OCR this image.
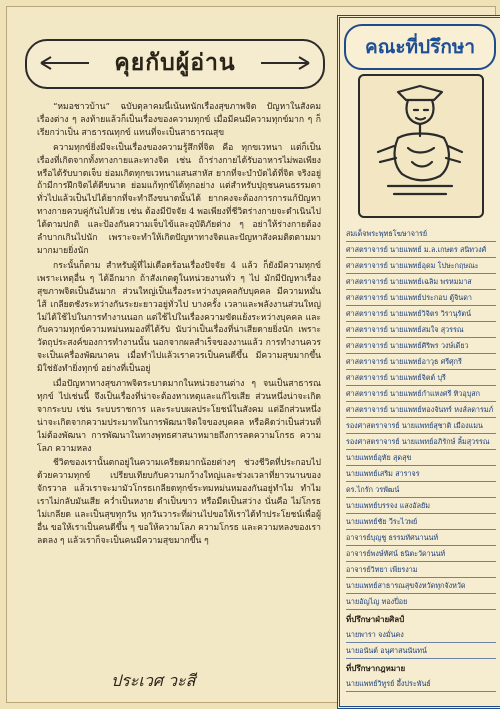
คุยกับผู้อ่าน

“หมอชาวบ้าน” ฉบับตุลาคมนี้เน้นหนักเรื่องสุขภาพจิต ปัญหาในสังคมเรื่องต่าง ๆ ลงท้ายแล้วก็เป็นเรื่องของความทุกข์ เมื่อมีคนมีความทุกข์มาก ๆ ก็เรียกว่าเป็น สาธารณทุกข์ แทนที่จะเป็นสาธารณสุข

ความทุกข์ยิ่งมีจะเป็นเรื่องของความรู้สึกที่จิต คือ ทุกขเวทนา แต่ก็เป็นเรื่องที่เกิดจากทั้งทางกายและทางจิต เช่น ถ้าร่างกายได้รับอาหารไม่พอเพียง หรือได้รับบาดเจ็บ ย่อมเกิดทุกขเวทนาแสนสาหัส ยากที่จะบำบัดได้ที่จิต จริงอยู่ ถ้ามีการฝึกจิตได้ดีขนาด ย่อมแก้ทุกข์ได้ทุกอย่าง แต่สำหรับปุถุชนคนธรรมดาทั่วไปแล้วเป็นไปได้ยากที่จะทำถึงขนาดนั้นได้ ยากคงจะต้องการการแก้ปัญหาทางกายควบคู่กันไปด้วย เช่น ต้องมีปัจจัย 4 พอเพียงที่ชีวิตร่างกายจะดำเนินไปได้ตามปกติ และป้องกันความเจ็บไข้และอุบัติภัยต่าง ๆ อย่าให้ร่างกายต้องลำบากเกินไปนัก เพราะจะทำให้เกิดปัญหาทางจิตและปัญหาสังคมติดตามมามากมายยิ่งนัก

กระนั้นก็ตาม สำหรับผู้ที่ไม่เดือดร้อนเรื่องปัจจัย 4 แล้ว ก็ยังมีความทุกข์เพราะเหตุอื่น ๆ ได้อีกมาก ถ้าสังเกตดูในหน่วยงานทั่ว ๆ ไป มักมีปัญหาเรื่องสุขภาพจิตเป็นอันมาก ส่วนใหญ่เป็นเรื่องระหว่างบุคคลกับบุคคล มีความหมั่นไส้ เกลียดชังระหว่างกันระยะยาวอยู่ทั่วไป บางครั้ง เวลาและพลังงานส่วนใหญ่ไม่ได้ใช้ไปในการทำงานนอก แต่ใช้ไปในเรื่องความขัดแย้งระหว่างบุคคล และกับความทุกข์ความหม่นหมองที่ได้รับ นับว่าเป็นเรื่องที่น่าเสียดายยิ่งนัก เพราะ วัตถุประสงค์ของการทำงานนั้น นอกจากผลสำเร็จของงานแล้ว การทำงานควรจะเป็นเครื่องพัฒนาคน เมื่อทำไปแล้วเราควรเป็นคนดีขึ้น มีความสุขมากขึ้น มิใช่ยังทำยิ่งทุกข์ อย่างที่เป็นอยู่

เมื่อปัญหาทางสุขภาพจิตระบาดมากในหน่วยงานต่าง ๆ จนเป็นสาธารณทุกข์ ไปเช่นนี้ จึงเป็นเรื่องที่น่าจะต้องหาเหตุและแก้ไขเสีย ส่วนหนึ่งน่าจะเกิดจากระบบ เช่น ระบบราชการ และระบบผลประโยชน์ในสังคม แต่อีกส่วนหนึ่งน่าจะเกิดจากความประมาทในการพัฒนาจิตใจของบุคคล หรือคิดว่าเป็นส่วนที่ไม่ต้องพัฒนา การพัฒนาในทางพุทธศาสนาหมายถึงการลดความโกรธ ความโลภ ความหลง

ชีวิตของเรานั้นตกอยู่ในความเครียดมากน้อยต่างๆ ช่วงชีวิตที่ประกอบไปด้วยความทุกข์ เปรียบเทียบกับความกว้างใหญ่และช่วงเวลาที่ยาวนานของจักรวาล แล้วเราจะมามัวโกรธเกลียดทุกข์ระทมหม่นหมองกันอยู่ทำไม ทำไมเราไม่กลับมันเสีย คว่ำเป็นหงาย ดำเป็นขาว หรือมืดเป็นสว่าง นั่นคือ ไม่โกรธ ไม่เกลียด และเป็นสุขทุกวัน ทุกวันวาระที่ผ่านไปขอให้เราได้ทำประโยชน์เพื่อผู้อื่น ขอให้เราเป็นคนดีขึ้น ๆ ขอให้ความโลภ ความโกรธ และความหลงของเราลดลง ๆ แล้วเราก็จะเป็นคนมีความสุขมากขึ้น ๆ

ประเวศ วะสี
คณะที่ปรึกษา
สมเด็จพระพุทธโฆษาจารย์
ศาสตราจารย์ นายแพทย์ ม.ล.เกษตร สนิทวงศ์
ศาสตราจารย์ นายแพทย์อุดม โปษะกฤษณะ
ศาสตราจารย์ นายแพทย์เฉลิม พรหมมาส
ศาสตราจารย์ นายแพทย์ประกอบ ตู้จินดา
ศาสตราจารย์ นายแพทย์วิจิตร วิรานุรัตน์
ศาสตราจารย์ นายแพทย์สมใจ สุวรรณ
ศาสตราจารย์ นายแพทย์ศิริพร วงษ์เดียว
ศาสตราจารย์ นายแพทย์อาวุธ ศรีศุกรี
ศาสตราจารย์ นายแพทย์จิตต์ บุรี
ศาสตราจารย์ นายแพทย์กำแหงศรี ทิวอุบุสก
ศาสตราจารย์ นายแพทย์ทองจันทร์ หงส์ลดารมภ์
รองศาสตราจารย์ นายแพทย์สุชาติ เมืองแมน
รองศาสตราจารย์ นายแพทย์อภิรักษ์ ลิ้มสุวรรณ
นายแพทย์อุทัย สุดสุข
นายแพทย์เสริม สาราจร
ดร.ไกรัก วรพัฒน์
นายแพทย์บรรจง แสงอัลยัม
นายแพทย์ชัย วีระไวพย์
อาจารย์บุญชู ธรรมทัศนานนท์
อาจารย์พงษ์ทัศน์ ธนิตะวัดานนท์
อาจารย์วิทยา เพียรงาม
นายแพทย์สาธารณสุขจังหวัดทุกจังหวัด
นายอัญไญ ทองปี่อย
ที่ปรึกษาฝ่ายศิลป์
นายพารา จงมั่นคง
นายอนันต์ อนุศาสนนันทน์
ที่ปรึกษากฎหมาย
นายแพทย์วิทูรย์ อึ้งประพันธ์
